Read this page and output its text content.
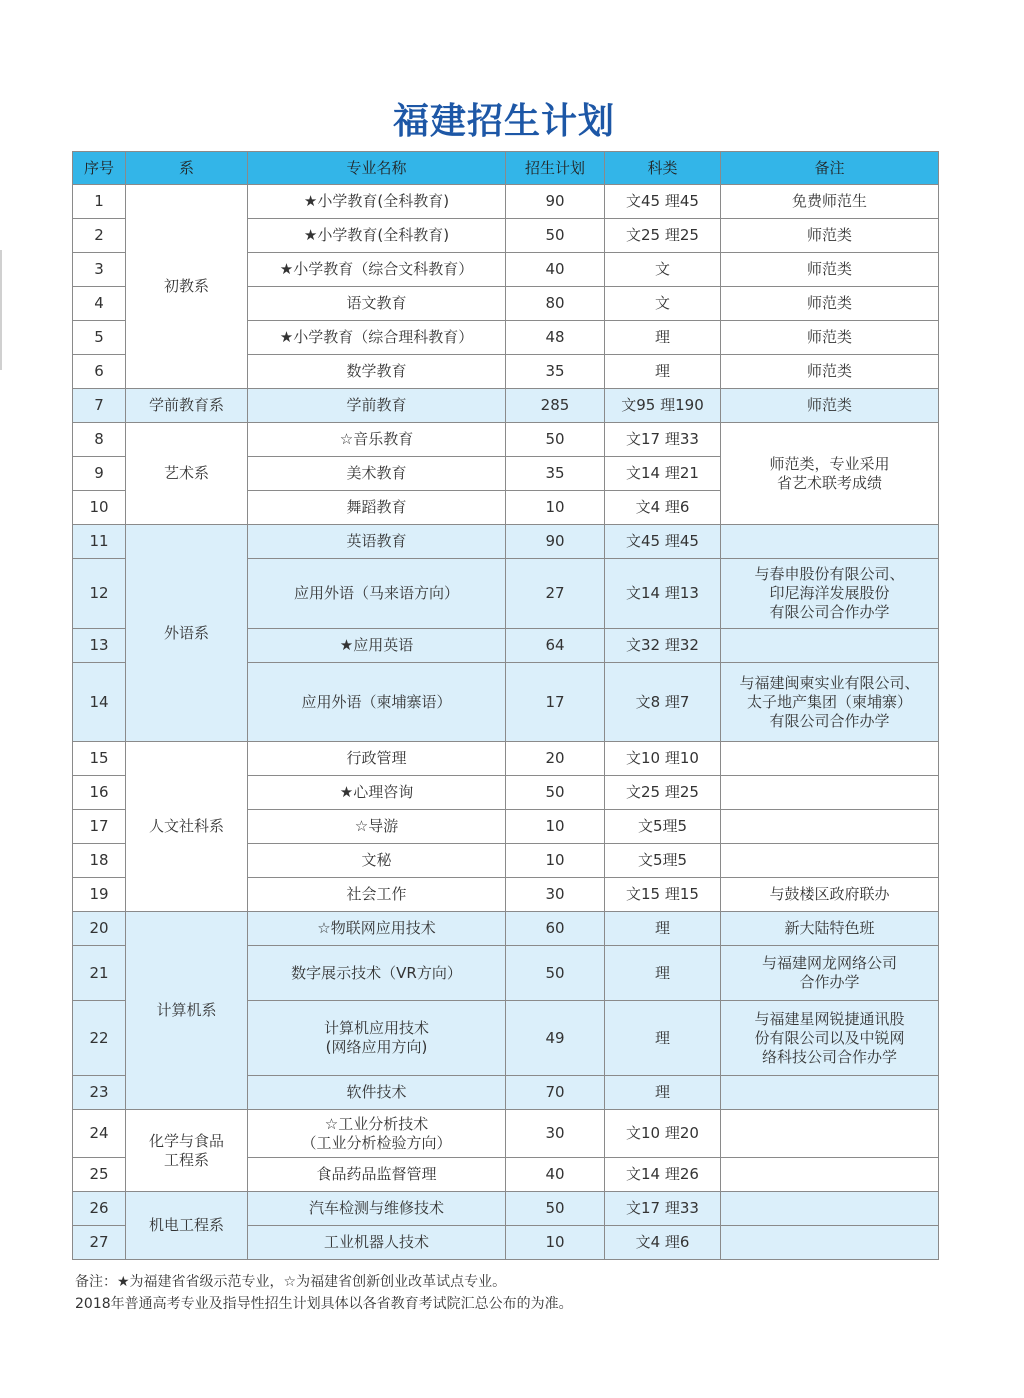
福建招生计划
序号	系	专业名称	招生计划	科类	备注
1	初教系	★小学教育(全科教育)	90	文45 理45	免费师范生
2		★小学教育(全科教育)	50	文25 理25	师范类
3		★小学教育（综合文科教育）	40	文	师范类
4		语文教育	80	文	师范类
5		★小学教育（综合理科教育）	48	理	师范类
6		数学教育	35	理	师范类
7	学前教育系	学前教育	285	文95 理190	师范类
8	艺术系	☆音乐教育	50	文17 理33	师范类，专业采用
省艺术联考成绩
9		美术教育	35	文14 理21	
10		舞蹈教育	10	文4 理6	
11	外语系	英语教育	90	文45 理45	
12		应用外语（马来语方向）	27	文14 理13	与春申股份有限公司、
印尼海洋发展股份
有限公司合作办学
13		★应用英语	64	文32 理32	
14		应用外语（柬埔寨语）	17	文8 理7	与福建闽柬实业有限公司、
太子地产集团（柬埔寨）
有限公司合作办学
15	人文社科系	行政管理	20	文10 理10	
16		★心理咨询	50	文25 理25	
17		☆导游	10	文5理5	
18		文秘	10	文5理5	
19		社会工作	30	文15 理15	与鼓楼区政府联办
20	计算机系	☆物联网应用技术	60	理	新大陆特色班
21		数字展示技术（VR方向）	50	理	与福建网龙网络公司
合作办学
22		计算机应用技术
(网络应用方向)	49	理	与福建星网锐捷通讯股
份有限公司以及中锐网
络科技公司合作办学
23		软件技术	70	理	
24	化学与食品
工程系	☆工业分析技术
（工业分析检验方向）	30	文10 理20	
25		食品药品监督管理	40	文14 理26	
26	机电工程系	汽车检测与维修技术	50	文17 理33	
27		工业机器人技术	10	文4 理6	
备注：★为福建省省级示范专业，☆为福建省创新创业改革试点专业。
2018年普通高考专业及指导性招生计划具体以各省教育考试院汇总公布的为准。
